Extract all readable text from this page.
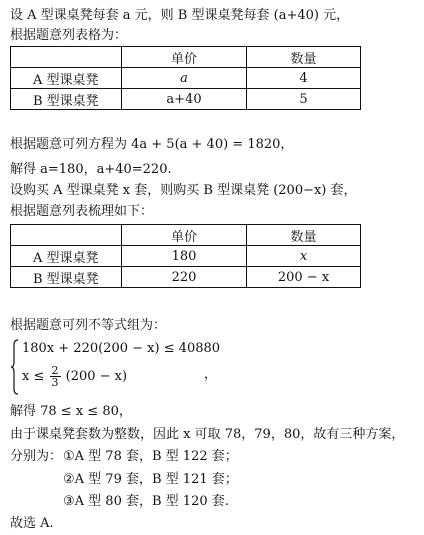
设 A 型课桌凳每套 a 元，则 B 型课桌凳每套 (a+40) 元，
根据题意列表格为：
	单价	数量
A 型课桌凳	a	4
B 型课桌凳	a+40	5
根据题意可列方程为 4a + 5(a + 40) = 1820，
解得 a=180，a+40=220.
设购买 A 型课桌凳 x 套，则购买 B 型课桌凳 (200−x) 套，
根据题意列表梳理如下：
	单价	数量
A 型课桌凳	180	x
B 型课桌凳	220	200 − x
根据题意可列不等式组为：
180x + 220(200 − x) ≤ 40880
$x \le \frac{2}{3} (200 - x)$	，
解得 78 ≤ x ≤ 80，
由于课桌凳套数为整数，因此 x 可取 78，79，80，故有三种方案，
分别为： ①A 型 78 套，B 型 122 套；
②A 型 79 套，B 型 121 套；
③A 型 80 套，B 型 120 套.
故选 A.
